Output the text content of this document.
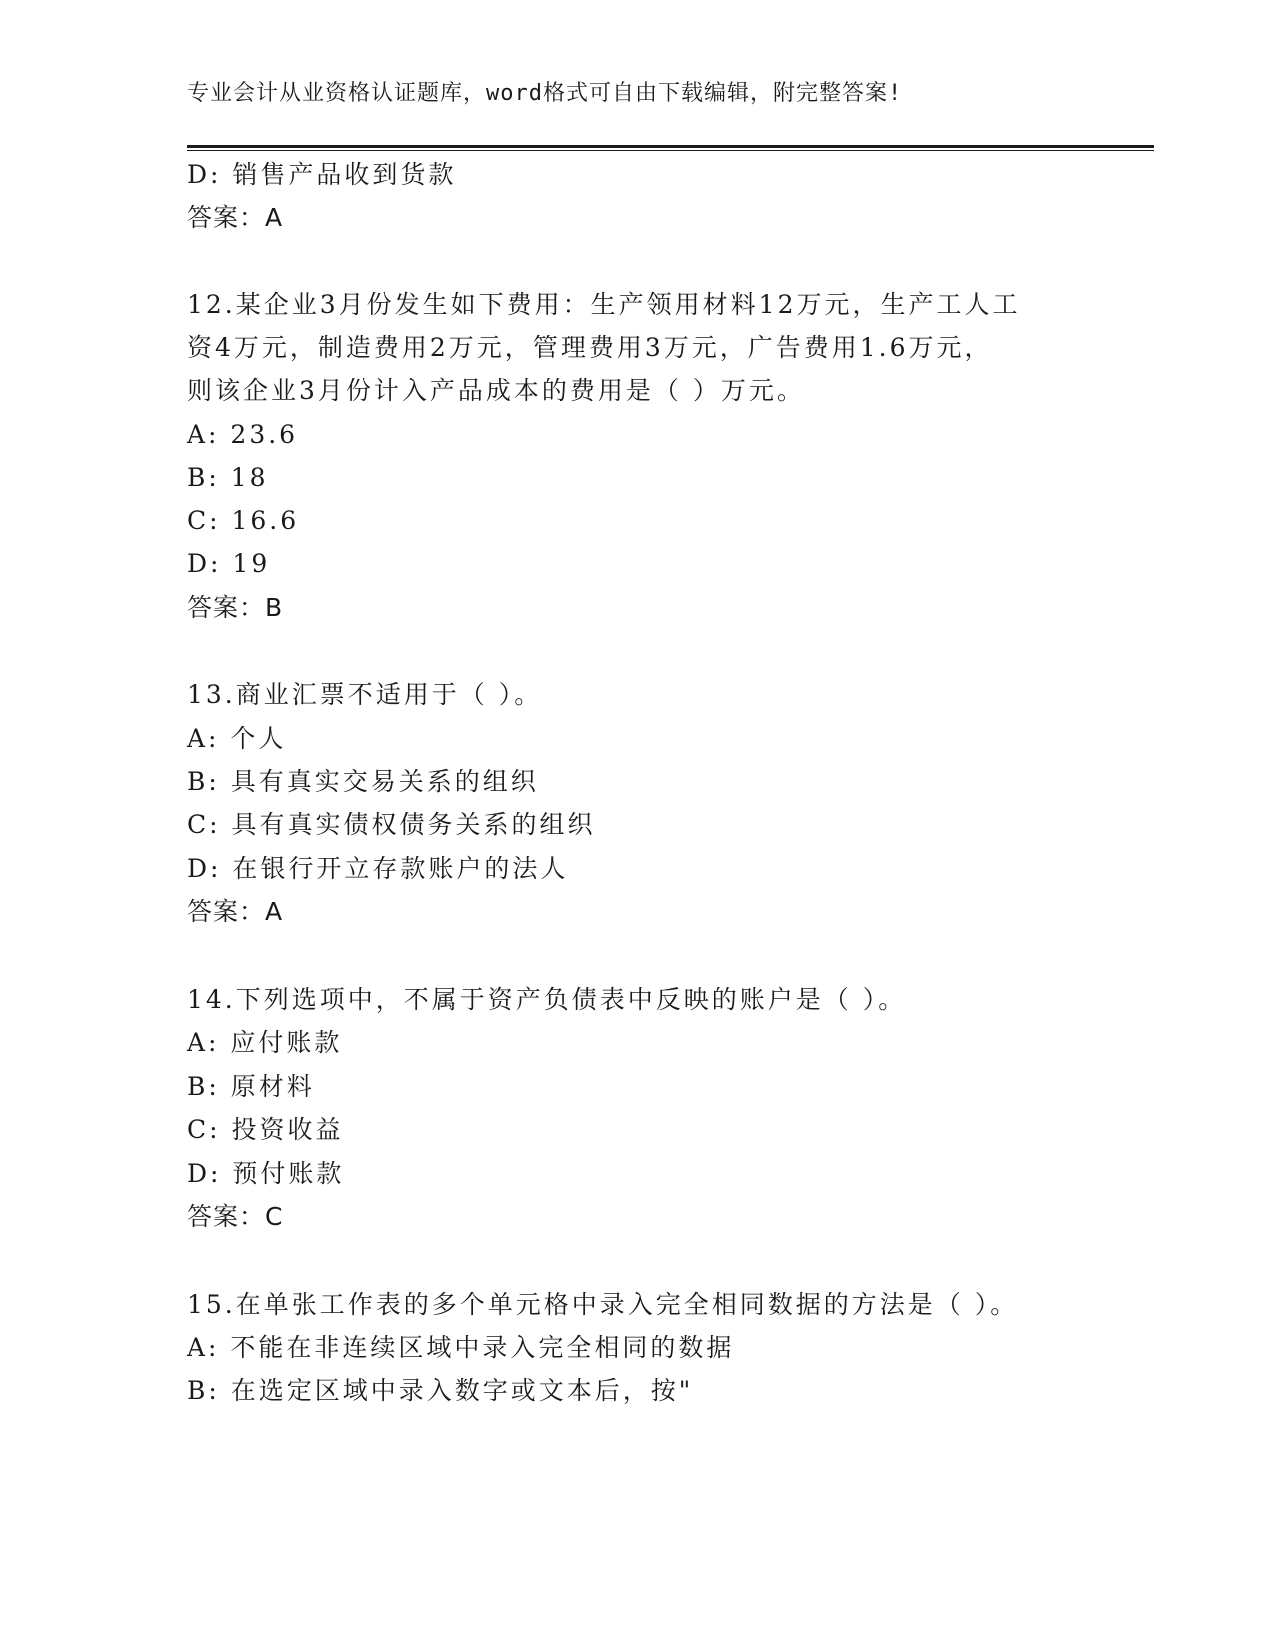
专业会计从业资格认证题库，word格式可自由下载编辑，附完整答案!
D: 销售产品收到货款
答案：A
12.某企业3月份发生如下费用：生产领用材料12万元，生产工人工
资4万元，制造费用2万元，管理费用3万元，广告费用1.6万元，
则该企业3月份计入产品成本的费用是（ ）万元。
A: 23.6
B: 18
C: 16.6
D: 19
答案：B
13.商业汇票不适用于（ ）。
A: 个人
B: 具有真实交易关系的组织
C: 具有真实债权债务关系的组织
D: 在银行开立存款账户的法人
答案：A
14.下列选项中，不属于资产负债表中反映的账户是（ ）。
A: 应付账款
B: 原材料
C: 投资收益
D: 预付账款
答案：C
15.在单张工作表的多个单元格中录入完全相同数据的方法是（ ）。
A: 不能在非连续区域中录入完全相同的数据
B: 在选定区域中录入数字或文本后，按"
